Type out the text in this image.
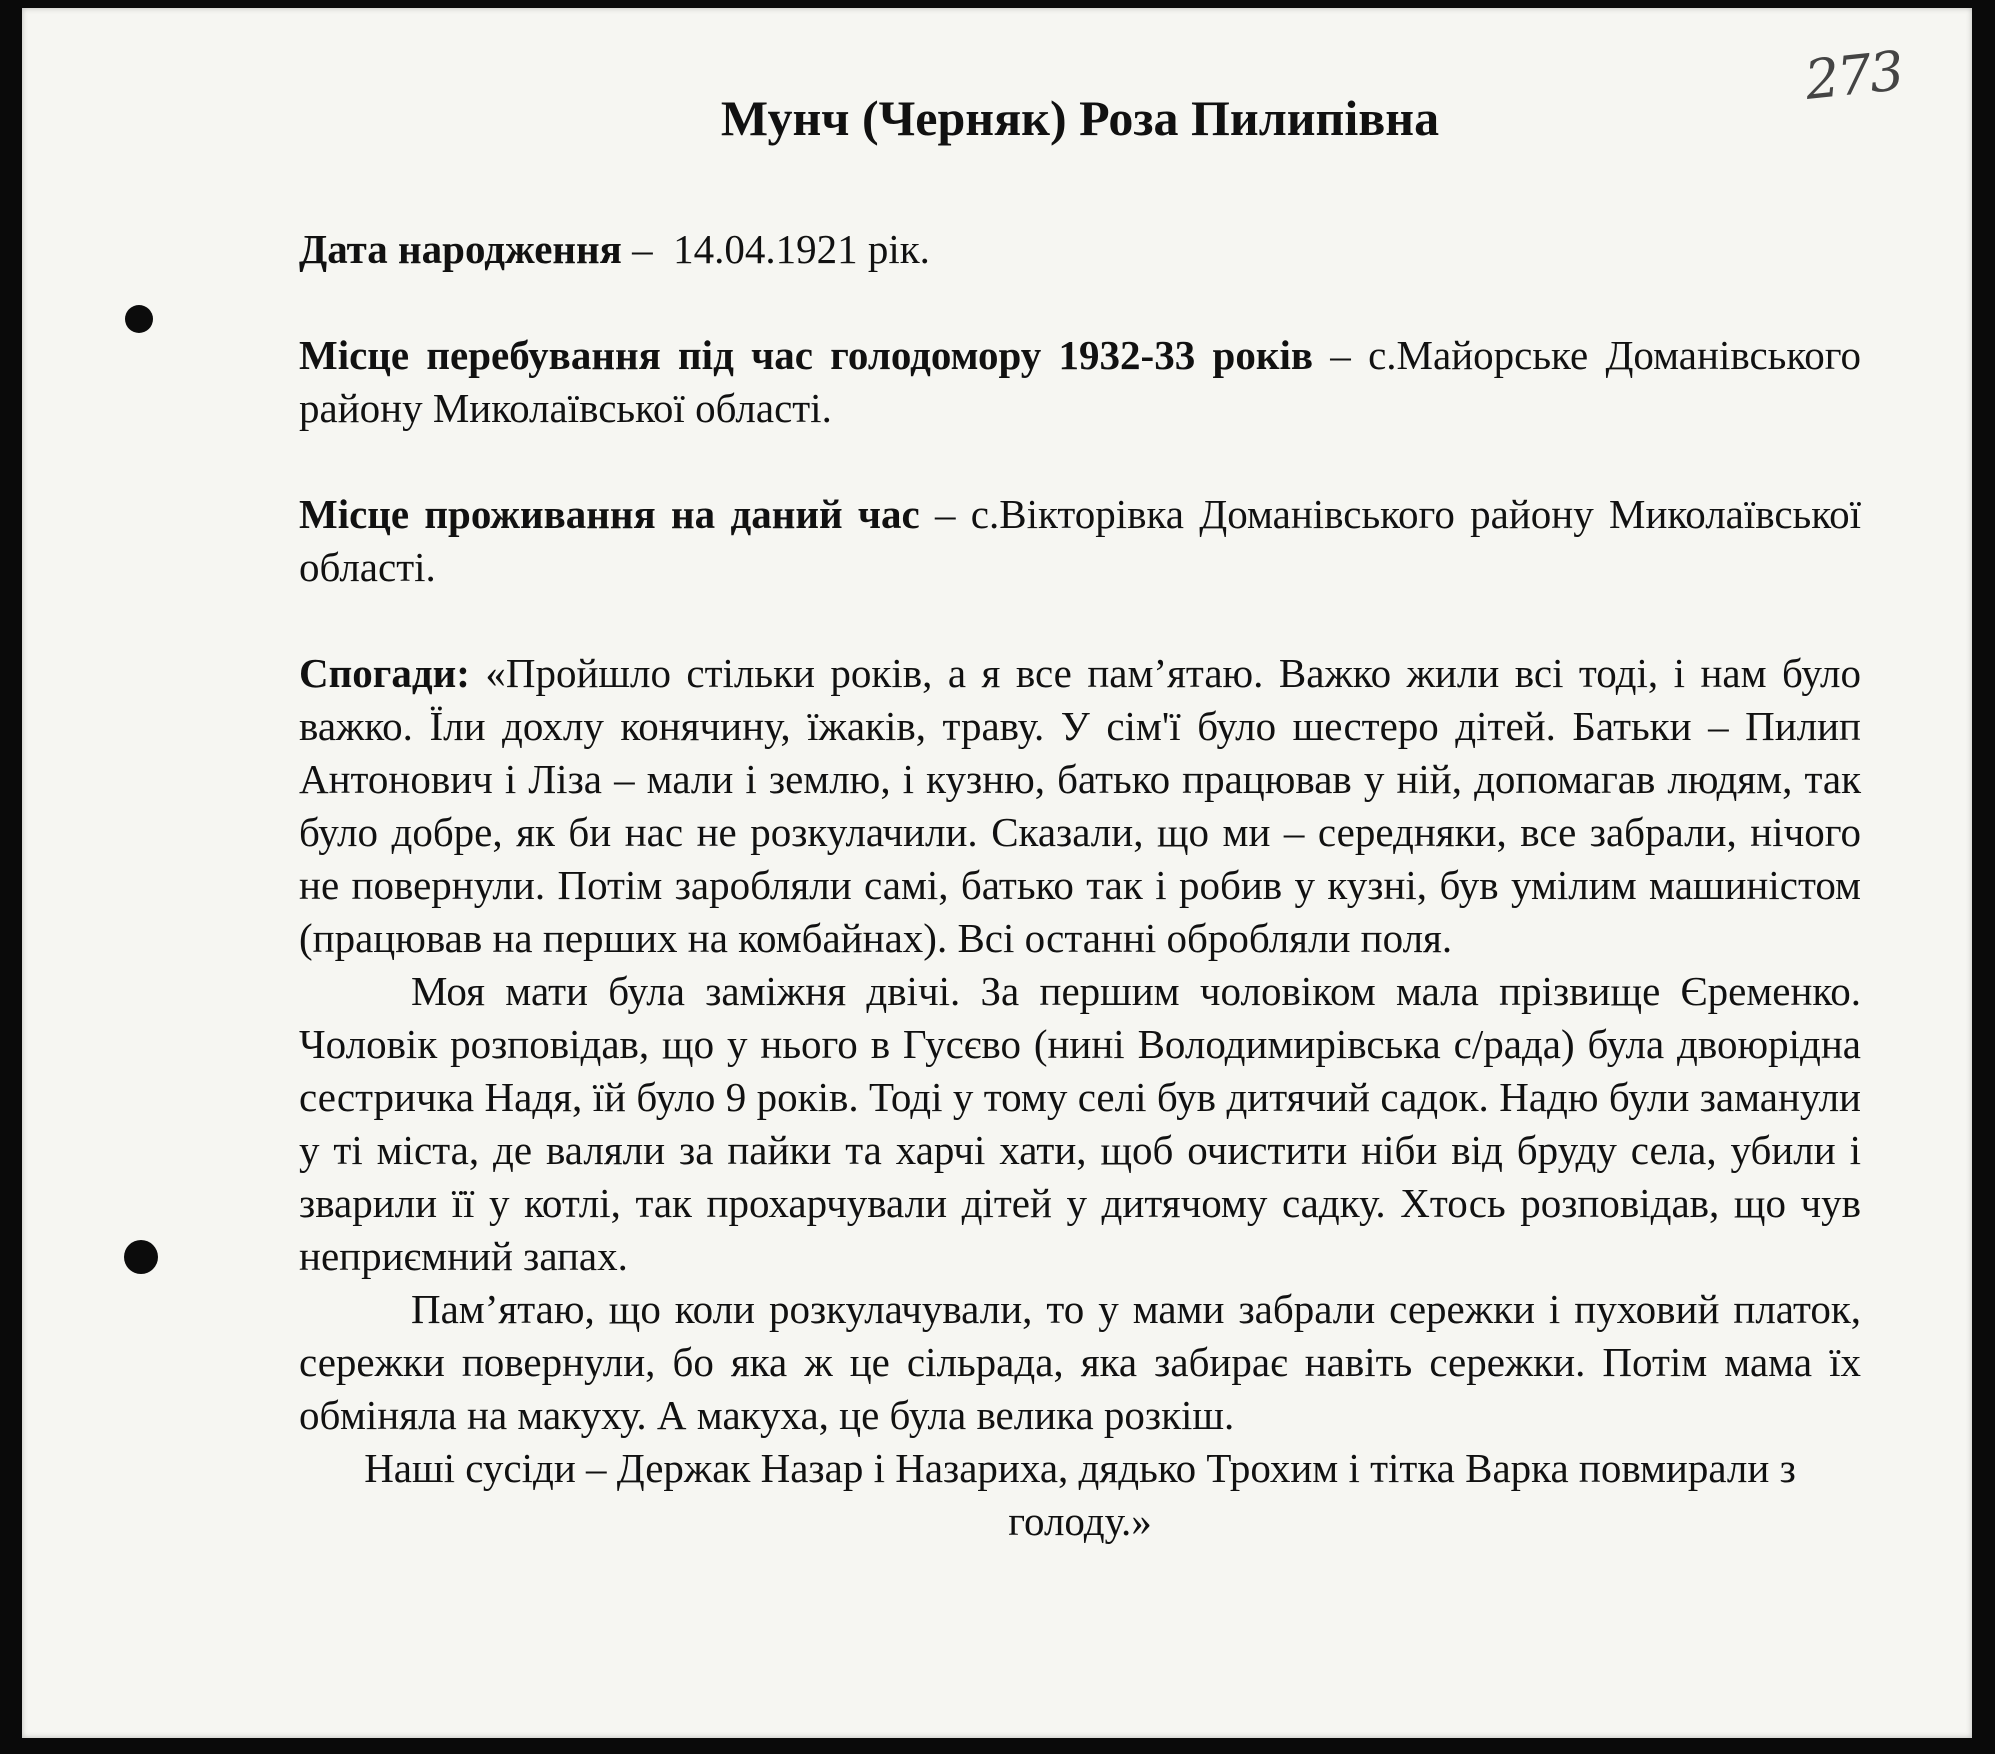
273
Мунч (Черняк) Роза Пилипівна
Дата народження –  14.04.1921 рік.
Місце перебування під час голодомору 1932-33 років – с.Майорське Доманівського району Миколаївської області.
Місце проживання на даний час – с.Вікторівка Доманівського району Миколаївської області.

Спогади: «Пройшло стільки років, а я все пам’ятаю. Важко жили всі тоді, і нам було важко. Їли дохлу конячину, їжаків, траву. У сім'ї було шестеро дітей. Батьки – Пилип Антонович і Ліза – мали і землю, і кузню, батько працював у ній, допомагав людям, так було добре, як би нас не розкулачили. Сказали, що ми – середняки, все забрали, нічого не повернули. Потім заробляли самі, батько так і робив у кузні, був умілим машиністом (працював на перших на комбайнах). Всі останні обробляли поля.

Моя мати була заміжня двічі. За першим чоловіком мала прізвище Єременко. Чоловік розповідав, що у нього в Гусєво (нині Володимирівська с/рада) була двоюрідна сестричка Надя, їй було 9 років. Тоді у тому селі був дитячий садок. Надю були заманули у ті міста, де валяли за пайки та харчі хати, щоб очистити ніби від бруду села, убили і зварили її у котлі, так прохарчували дітей у дитячому садку. Хтось розповідав, що чув неприємний запах.

Пам’ятаю, що коли розкулачували, то у мами забрали сережки і пуховий платок, сережки повернули, бо яка ж це сільрада, яка забирає навіть сережки. Потім мама їх обміняла на макуху. А макуха, це була велика розкіш.

Наші сусіди – Держак Назар і Назариха, дядько Трохим і тітка Варка повмирали з голоду.»
